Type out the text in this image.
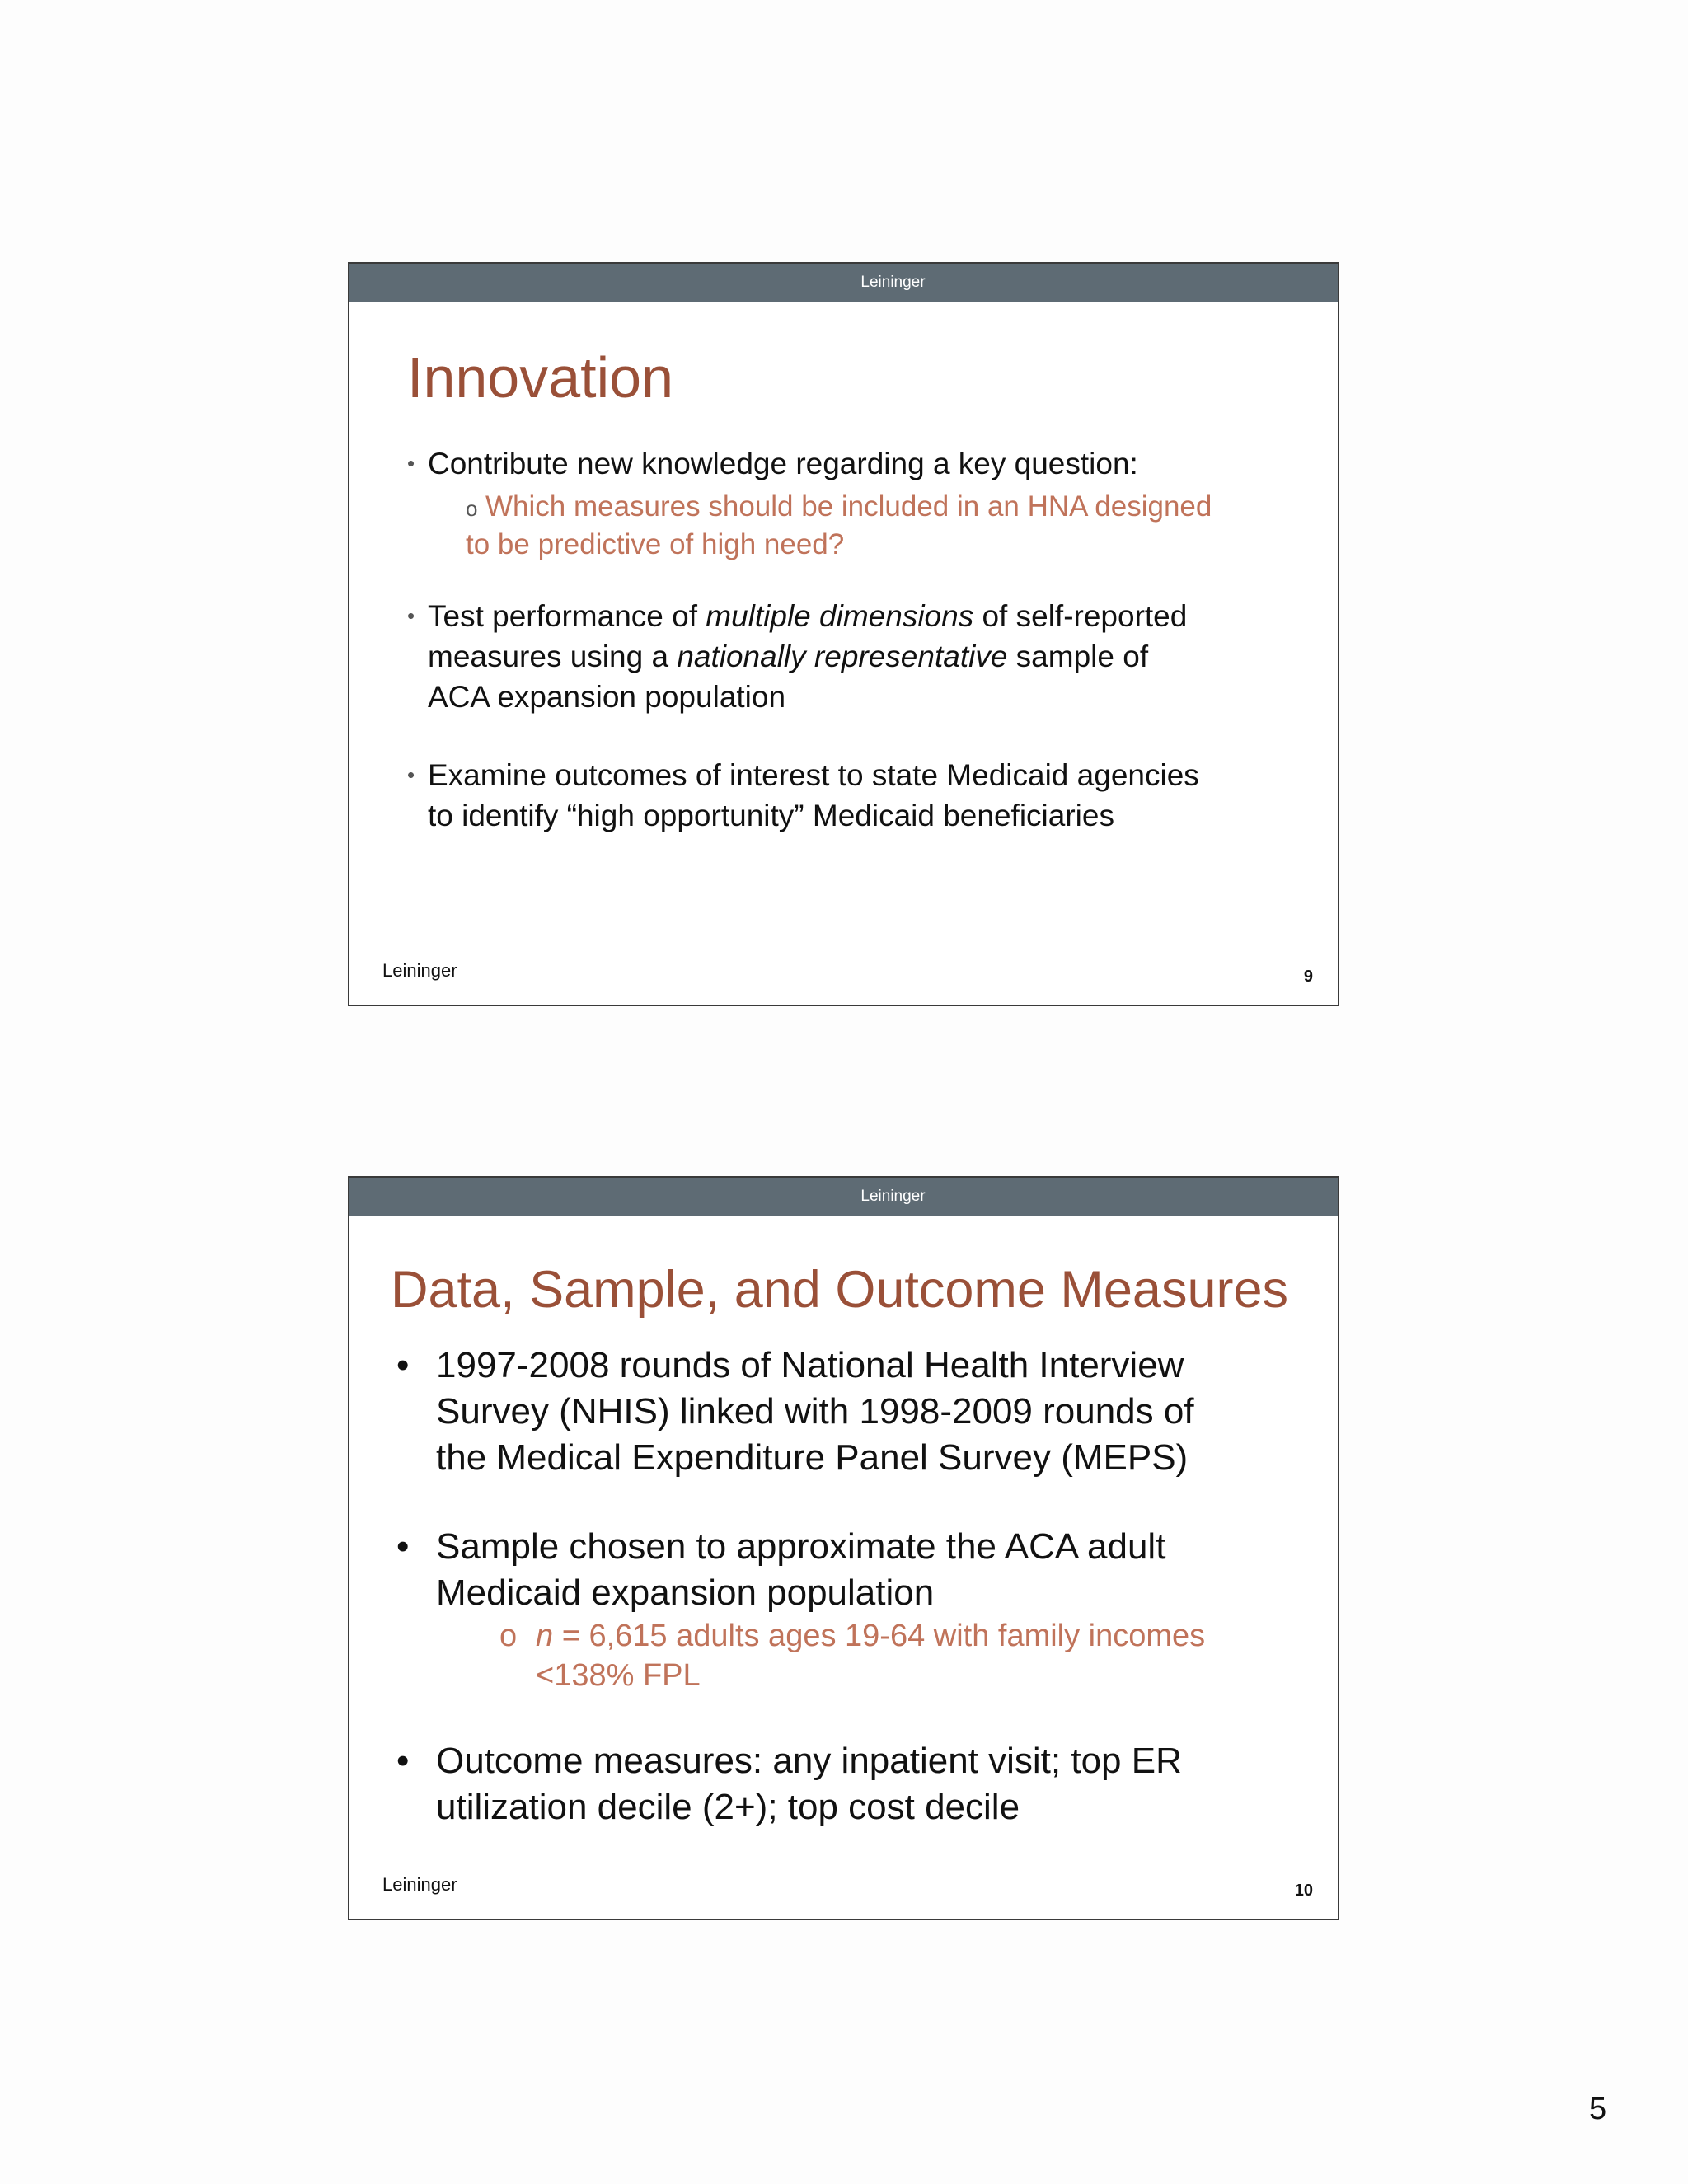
Leininger
Innovation
• Contribute new knowledge regarding a key question:
o Which measures should be included in an HNA designed
to be predictive of high need?
• Test performance of multiple dimensions of self-reported
measures using a nationally representative sample of
ACA expansion population
• Examine outcomes of interest to state Medicaid agencies
to identify “high opportunity” Medicaid beneficiaries
Leininger	9
Leininger
Data, Sample, and Outcome Measures
• 1997-2008 rounds of National Health Interview
Survey (NHIS) linked with 1998-2009 rounds of
the Medical Expenditure Panel Survey (MEPS)
• Sample chosen to approximate the ACA adult
Medicaid expansion population
o n = 6,615 adults ages 19-64 with family incomes
<138% FPL
• Outcome measures: any inpatient visit; top ER
utilization decile (2+); top cost decile
Leininger	10
5
